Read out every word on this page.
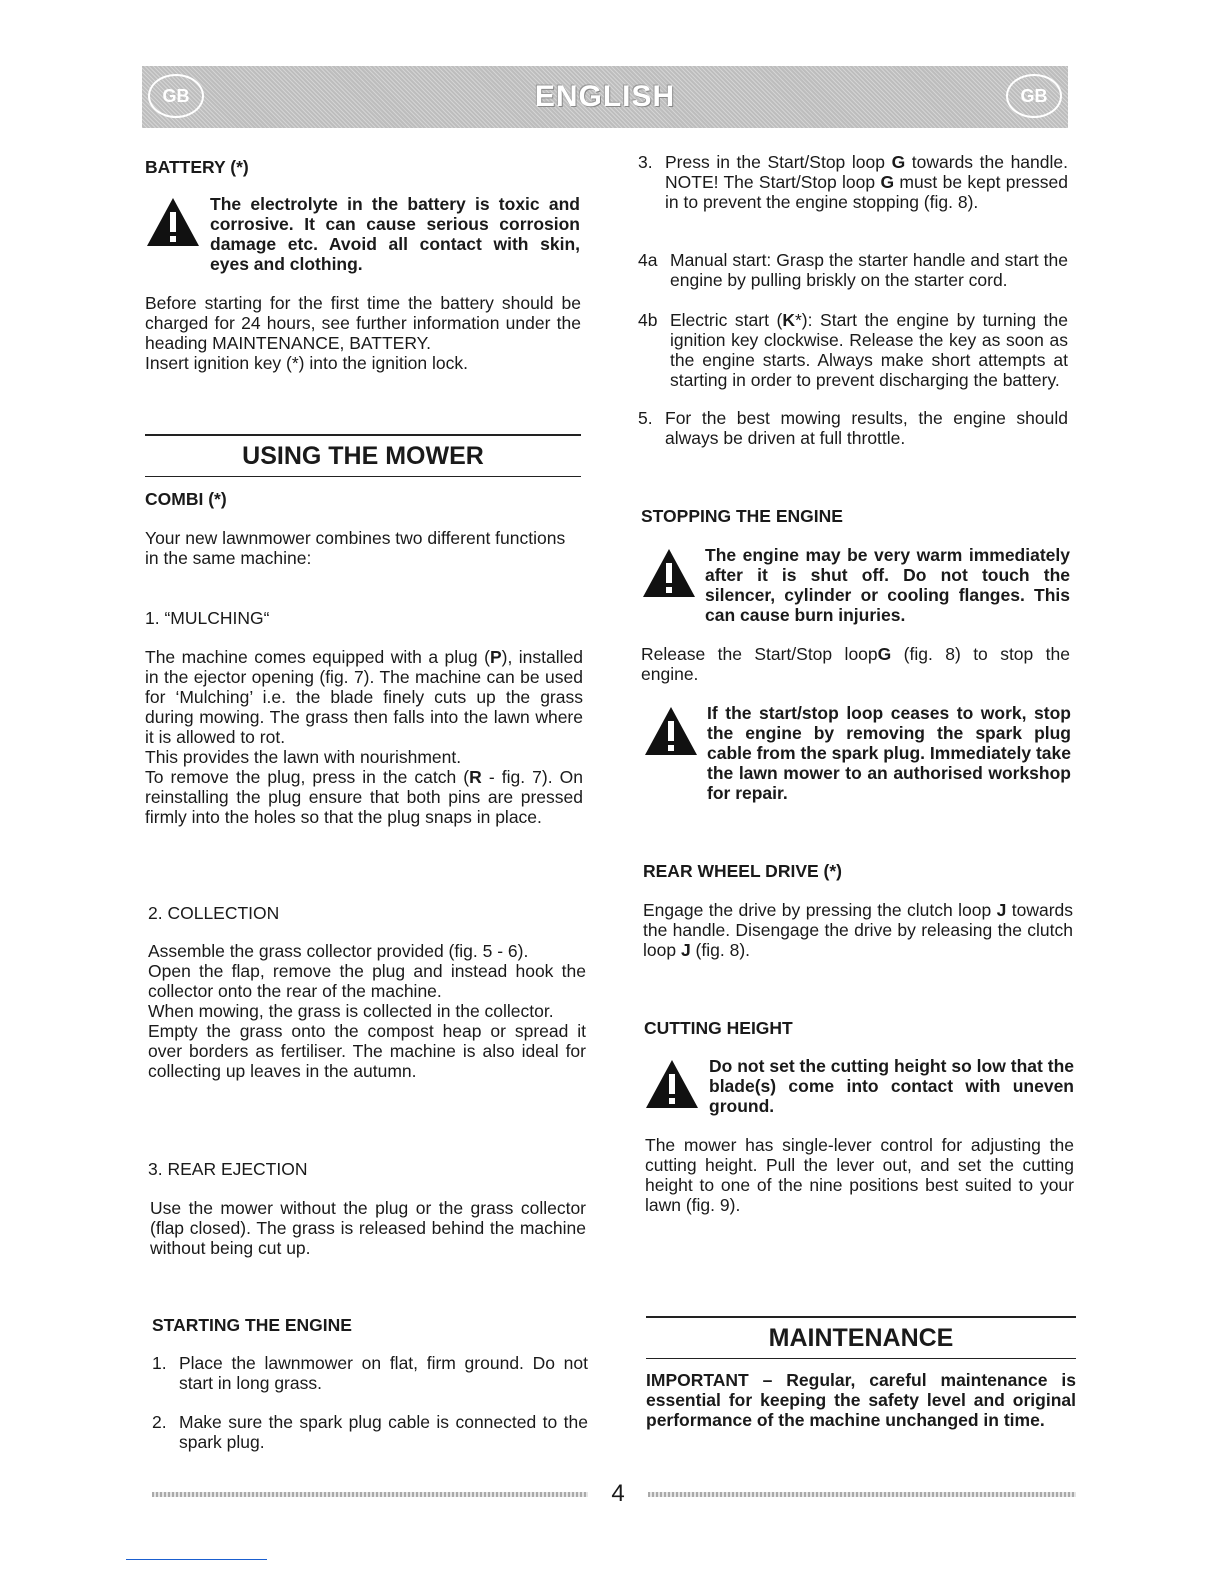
GB	ENGLISH	GB
BATTERY (*)

The electrolyte in the battery is toxic and corrosive. It can cause serious corrosion damage etc. Avoid all contact with skin, eyes and clothing.

Before starting for the first time the battery should be charged for 24 hours, see further information under the heading MAINTENANCE, BATTERY.

Insert ignition key (*) into the ignition lock.

USING THE MOWER
COMBI (*)

Your new lawnmower combines two different functions in the same machine:

1. “MULCHING“

The machine comes equipped with a plug (P), installed in the ejector opening (fig. 7). The machine can be used for ‘Mulching’ i.e. the blade finely cuts up the grass during mowing. The grass then falls into the lawn where it is allowed to rot.

This provides the lawn with nourishment.

To remove the plug, press in the catch (R - fig. 7). On reinstalling the plug ensure that both pins are pressed firmly into the holes so that the plug snaps in place.

2. COLLECTION

Assemble the grass collector provided (fig. 5 - 6).

Open the flap, remove the plug and instead hook the collector onto the rear of the machine.

When mowing, the grass is collected in the collector.

Empty the grass onto the compost heap or spread it over borders as fertiliser. The machine is also ideal for collecting up leaves in the autumn.

3. REAR EJECTION

Use the mower without the plug or the grass collector (flap closed). The grass is released behind the machine without being cut up.

STARTING THE ENGINE
1. Place the lawnmower on flat, firm ground. Do not start in long grass.
2. Make sure the spark plug cable is connected to the spark plug.
3. Press in the Start/Stop loop G towards the handle. NOTE! The Start/Stop loop G must be kept pressed in to prevent the engine stopping (fig. 8).
4a Manual start: Grasp the starter handle and start the engine by pulling briskly on the starter cord.
4b Electric start (K*): Start the engine by turning the ignition key clockwise. Release the key as soon as the engine starts. Always make short attempts at starting in order to prevent discharging the battery.
5. For the best mowing results, the engine should always be driven at full throttle.
STOPPING THE ENGINE

The engine may be very warm immediately after it is shut off. Do not touch the silencer, cylinder or cooling flanges. This can cause burn injuries.

Release the Start/Stop loopG (fig. 8) to stop the engine.

If the start/stop loop ceases to work, stop the engine by removing the spark plug cable from the spark plug. Immediately take the lawn mower to an authorised workshop for repair.

REAR WHEEL DRIVE (*)

Engage the drive by pressing the clutch loop J towards the handle. Disengage the drive by releasing the clutch loop J (fig. 8).

CUTTING HEIGHT

Do not set the cutting height so low that the blade(s) come into contact with uneven ground.

The mower has single-lever control for adjusting the cutting height. Pull the lever out, and set the cutting height to one of the nine positions best suited to your lawn (fig. 9).

MAINTENANCE

IMPORTANT – Regular, careful maintenance is essential for keeping the safety level and original performance of the machine unchanged in time.

4
